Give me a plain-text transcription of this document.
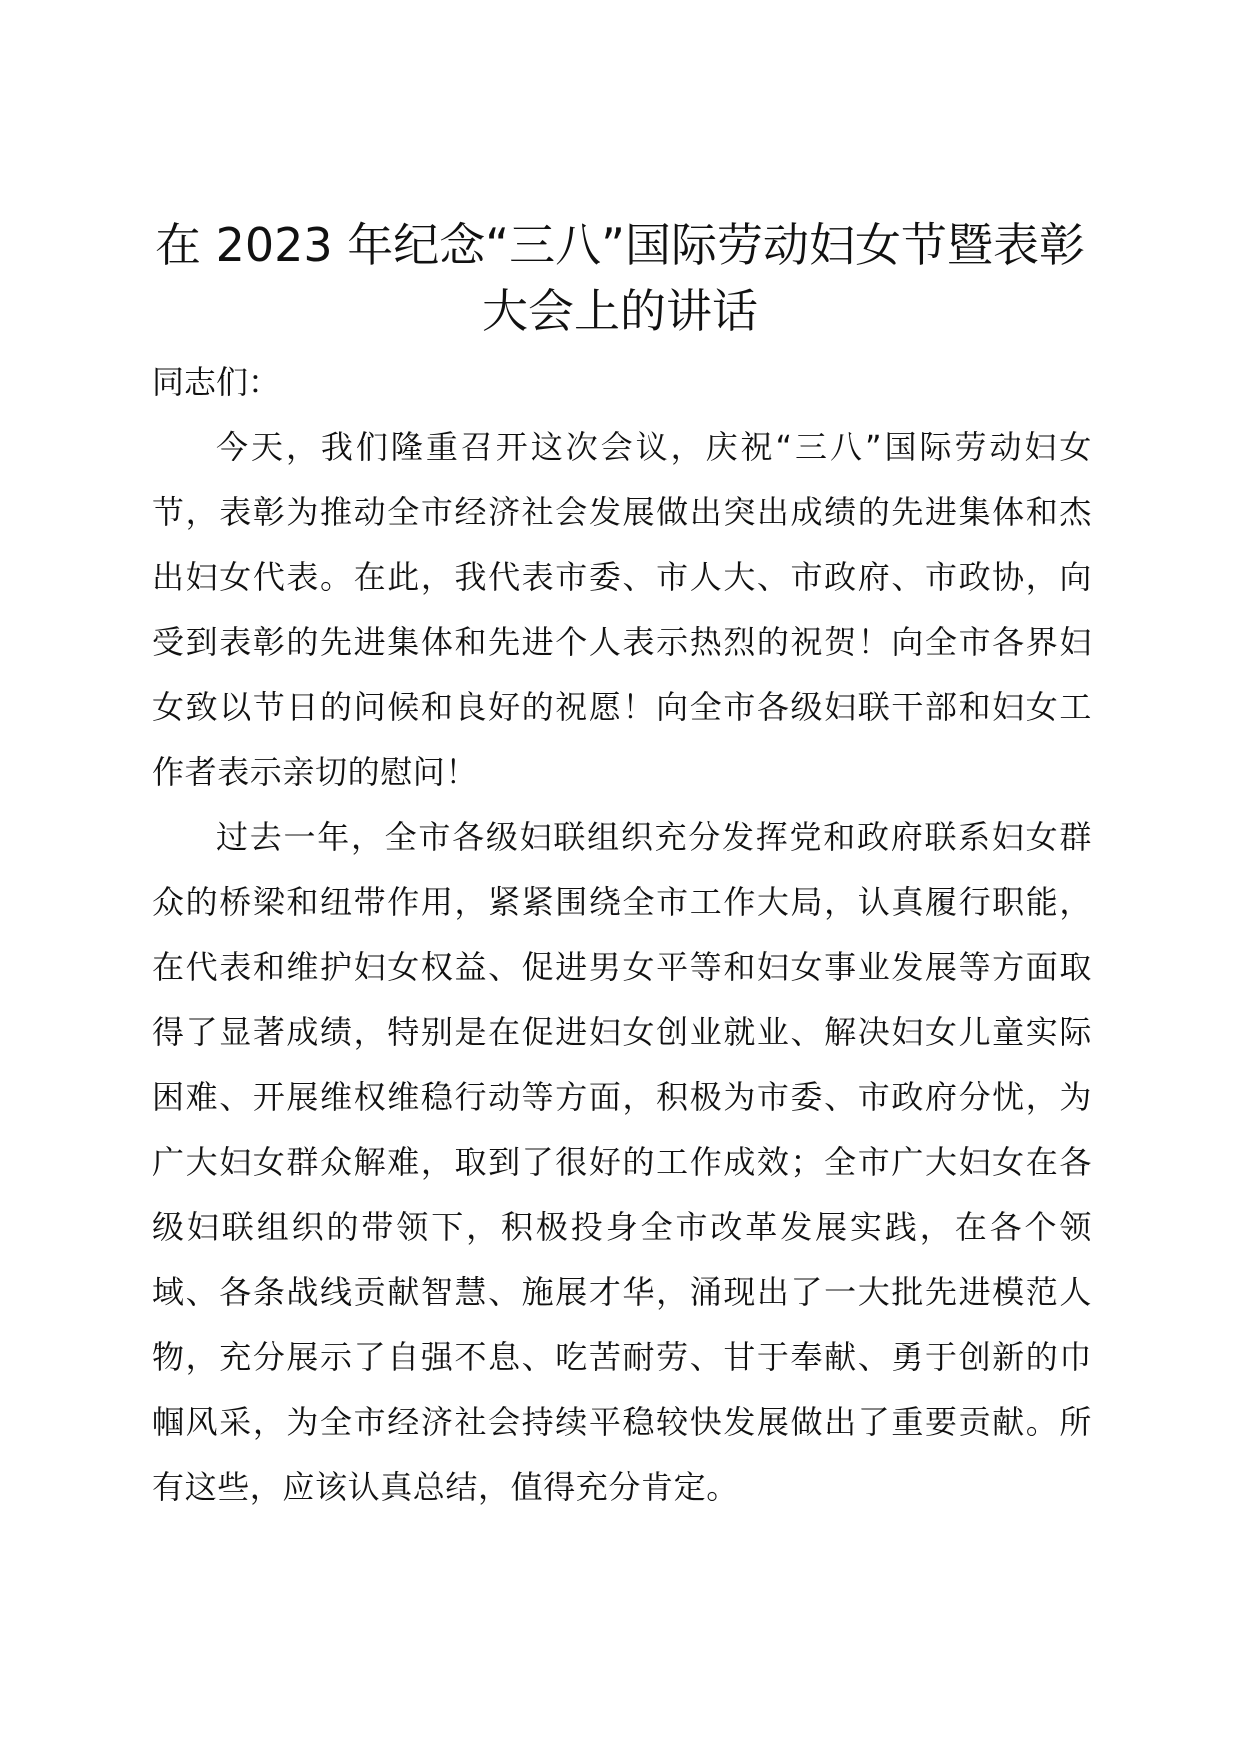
在 2023 年纪念“三八”国际劳动妇女节暨表彰大会上的讲话

同志们：

今天，我们隆重召开这次会议，庆祝“三八”国际劳动妇女节，表彰为推动全市经济社会发展做出突出成绩的先进集体和杰出妇女代表。在此，我代表市委、市人大、市政府、市政协，向受到表彰的先进集体和先进个人表示热烈的祝贺！向全市各界妇女致以节日的问候和良好的祝愿！向全市各级妇联干部和妇女工作者表示亲切的慰问！

过去一年，全市各级妇联组织充分发挥党和政府联系妇女群众的桥梁和纽带作用，紧紧围绕全市工作大局，认真履行职能，在代表和维护妇女权益、促进男女平等和妇女事业发展等方面取得了显著成绩，特别是在促进妇女创业就业、解决妇女儿童实际困难、开展维权维稳行动等方面，积极为市委、市政府分忧，为广大妇女群众解难，取到了很好的工作成效；全市广大妇女在各级妇联组织的带领下，积极投身全市改革发展实践，在各个领域、各条战线贡献智慧、施展才华，涌现出了一大批先进模范人物，充分展示了自强不息、吃苦耐劳、甘于奉献、勇于创新的巾帼风采，为全市经济社会持续平稳较快发展做出了重要贡献。所有这些，应该认真总结，值得充分肯定。
